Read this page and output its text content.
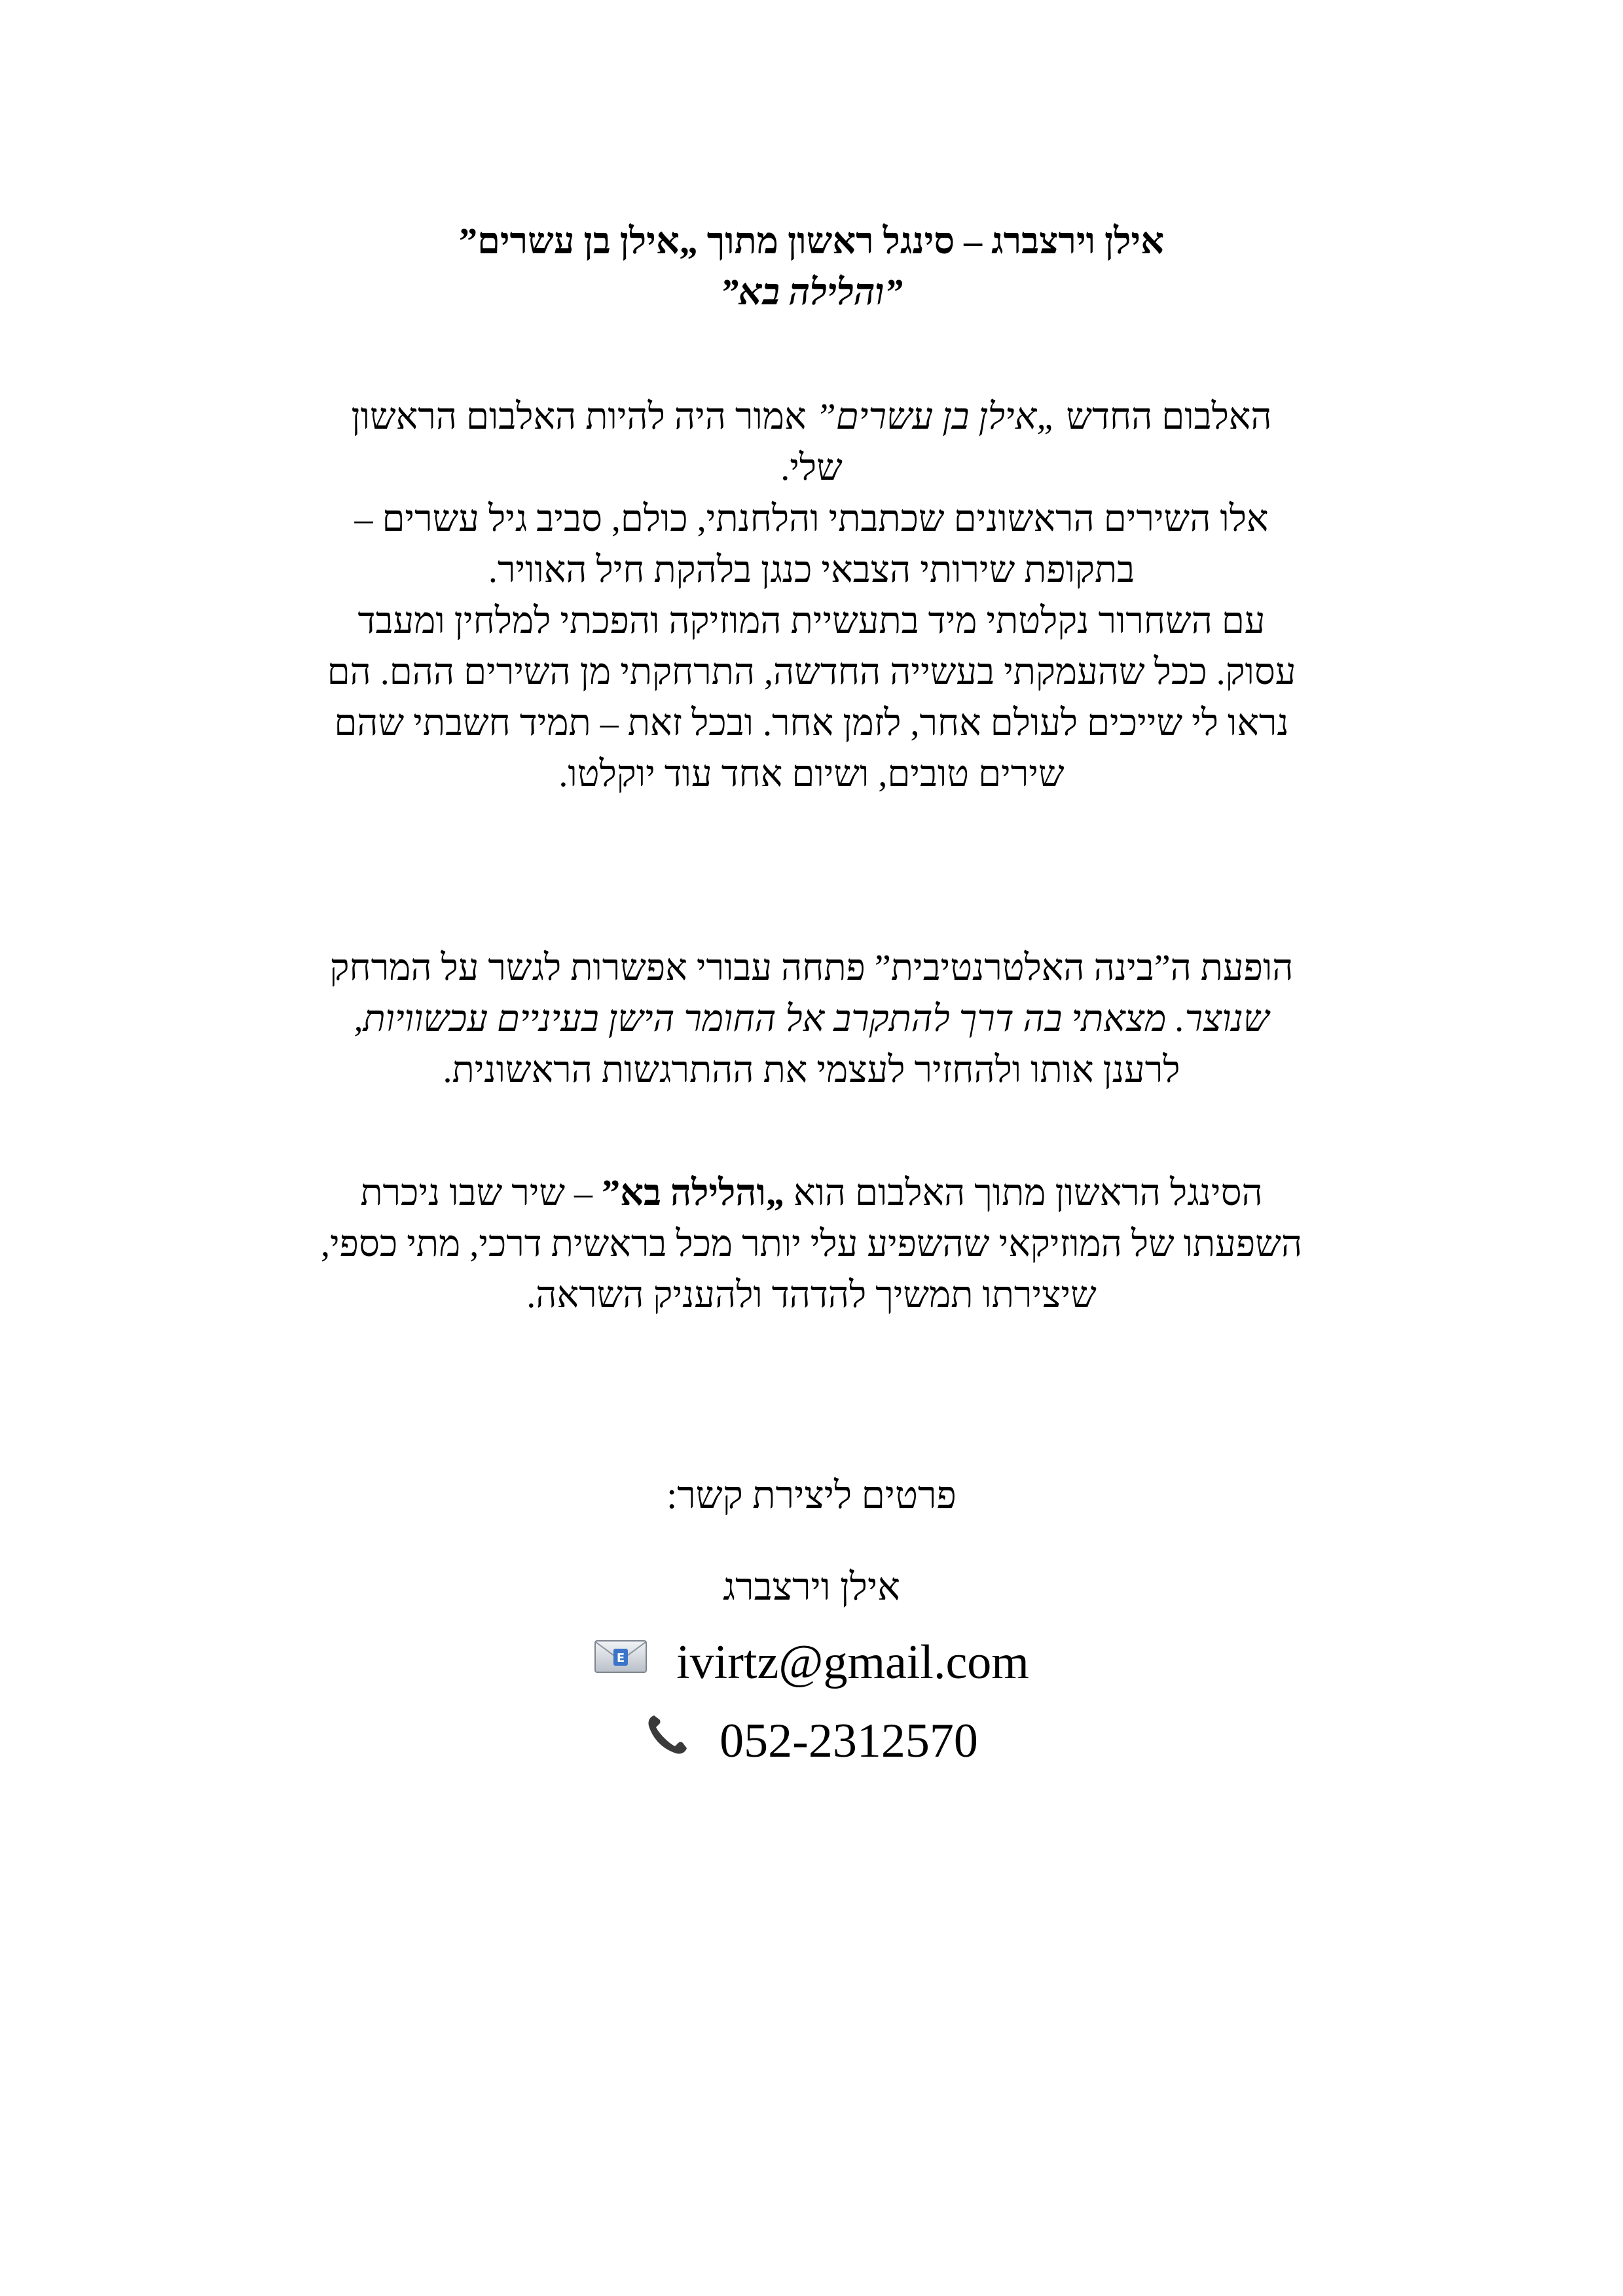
אילן וירצברג – סינגל ראשון מתוך „אילן בן עשרים”
”והלילה בא”
האלבום החדש „אילן בן עשרים” אמור היה להיות האלבום הראשון
שלי.
אלו השירים הראשונים שכתבתי והלחנתי, כולם, סביב גיל עשרים –
בתקופת שירותי הצבאי כנגן בלהקת חיל האוויר.
עם השחרור נקלטתי מיד בתעשיית המוזיקה והפכתי למלחין ומעבד
עסוק. ככל שהעמקתי בעשייה החדשה, התרחקתי מן השירים ההם. הם
נראו לי שייכים לעולם אחר, לזמן אחר. ובכל זאת – תמיד חשבתי שהם
שירים טובים, ושיום אחד עוד יוקלטו.
הופעת ה”בינה האלטרנטיבית” פתחה עבורי אפשרות לגשר על המרחק
שנוצר. מצאתי בה דרך להתקרב אל החומר הישן בעיניים עכשוויות,
לרענן אותו ולהחזיר לעצמי את ההתרגשות הראשונית.
הסינגל הראשון מתוך האלבום הוא „והלילה בא” – שיר שבו ניכרת
השפעתו של המוזיקאי שהשפיע עלי יותר מכל בראשית דרכי, מתי כספי,
שיצירתו תמשיך להדהד ולהעניק השראה.
פרטים ליצירת קשר:
אילן וירצברג
E ivirtz@gmail.com
052-2312570
